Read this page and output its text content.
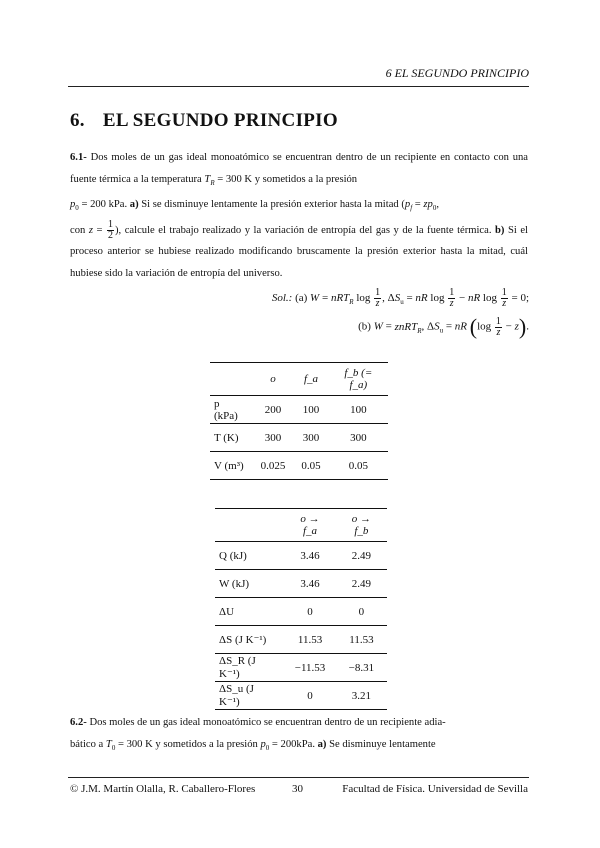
6 EL SEGUNDO PRINCIPIO
6. EL SEGUNDO PRINCIPIO
6.1- Dos moles de un gas ideal monoatómico se encuentran dentro de un recipiente en contacto con una fuente térmica a la temperatura $T_R = 300$ K y sometidos a la presión
$p_0 = 200$ kPa. a) Si se disminuye lentamente la presión exterior hasta la mitad ($p_f = zp_0$,
con $z = \frac{1}{2}$ ), calcule el trabajo realizado y la variación de entropía del gas y de la fuente térmica. b) Si el proceso anterior se hubiese realizado modificando bruscamente la presión exterior hasta la mitad, cuál hubiese sido la variación de entropía del universo.
Sol.: (a) W = nRT$_R$ $\log \frac{1}{z}$ , $\Delta S_u$ = nR $\log \frac{1}{z}$ − nR $\log \frac{1}{z} = 0$;
(b) W = znRT$_R$, $\Delta S_u$ = nR $(\log \frac{1}{z} - z)$.
	o	f_a	f_b (= f_a)
p (kPa)	200	100	100
T (K)	300	300	300
V (m³)	0.025	0.05	0.05
	o → f_a	o → f_b
Q (kJ)	3.46	2.49
W (kJ)	3.46	2.49
ΔU	0	0
ΔS (J K⁻¹)	11.53	11.53
ΔS_R (J K⁻¹)	−11.53	−8.31
ΔS_u (J K⁻¹)	0	3.21
6.2- Dos moles de un gas ideal monoatómico se encuentran dentro de un recipiente adia-
bático a $T_0 = 300$ K y sometidos a la presión $p_0 = 200kPa$. a) Se disminuye lentamente
© J.M. Martín Olalla, R. Caballero-Flores	30	Facultad de Física. Universidad de Sevilla
